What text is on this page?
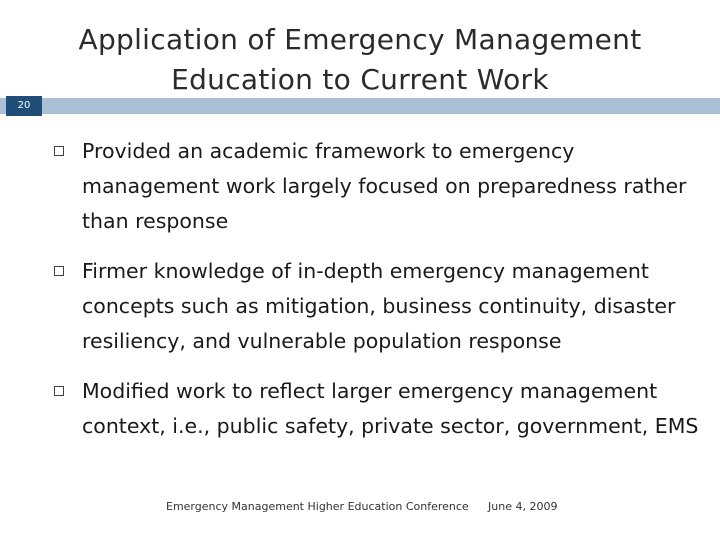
Application of Emergency Management
Education to Current Work
20
Provided an academic framework to emergency management work largely focused on preparedness rather than response
Firmer knowledge of in-depth emergency management concepts such as mitigation, business continuity, disaster resiliency, and vulnerable population response
Modified work to reflect larger emergency management context, i.e., public safety, private sector, government, EMS
Emergency Management Higher Education Conference June 4, 2009
